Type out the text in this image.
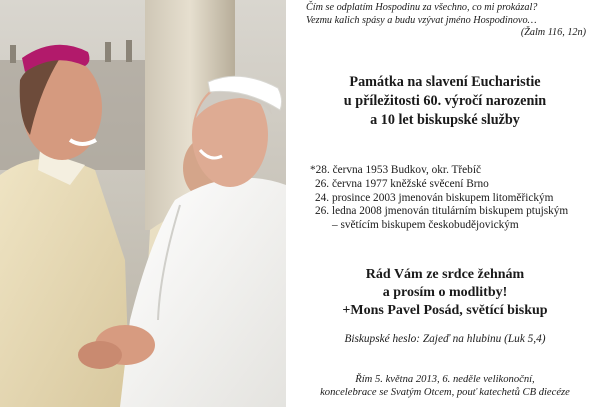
Čím se odplatím Hospodinu za všechno, co mi prokázal?
Vezmu kalich spásy a budu vzývat jméno Hospodinovo…
(Žalm 116, 12n)
Památka na slavení Eucharistie
u příležitosti 60. výročí narozenin
a 10 let biskupské služby
*28. června 1953 Budkov, okr. Třebíč
26. června 1977 kněžské svěcení Brno
24. prosince 2003 jmenován biskupem litoměřickým
26. ledna 2008 jmenován titulárním biskupem ptujským
– světícím biskupem českobudějovickým
Rád Vám ze srdce žehnám
a prosím o modlitby!
+Mons Pavel Posád, světící biskup
Biskupské heslo: Zajeď na hlubinu (Luk 5,4)
Řím 5. května 2013, 6. neděle velikonoční,
koncelebrace se Svatým Otcem, pouť katechetů CB diecéze
